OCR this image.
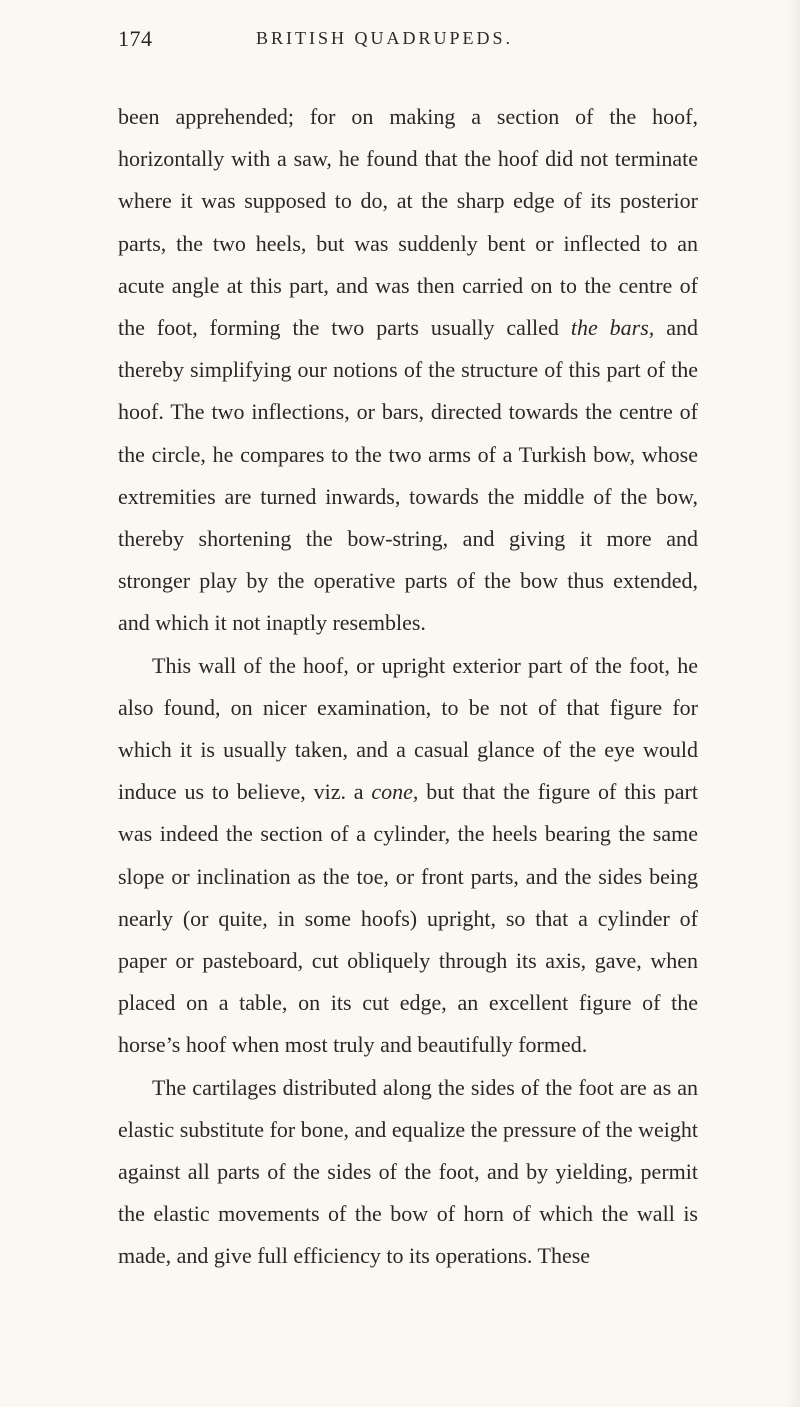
174	BRITISH QUADRUPEDS.

been apprehended; for on making a section of the hoof, horizontally with a saw, he found that the hoof did not terminate where it was supposed to do, at the sharp edge of its posterior parts, the two heels, but was suddenly bent or inflected to an acute angle at this part, and was then carried on to the centre of the foot, forming the two parts usually called the bars, and thereby simplifying our notions of the structure of this part of the hoof. The two inflections, or bars, directed towards the centre of the circle, he compares to the two arms of a Turkish bow, whose extremities are turned inwards, towards the middle of the bow, thereby shortening the bow-string, and giving it more and stronger play by the operative parts of the bow thus extended, and which it not inaptly resembles.

This wall of the hoof, or upright exterior part of the foot, he also found, on nicer examination, to be not of that figure for which it is usually taken, and a casual glance of the eye would induce us to believe, viz. a cone, but that the figure of this part was indeed the section of a cylinder, the heels bearing the same slope or inclination as the toe, or front parts, and the sides being nearly (or quite, in some hoofs) upright, so that a cylinder of paper or pasteboard, cut obliquely through its axis, gave, when placed on a table, on its cut edge, an excellent figure of the horse’s hoof when most truly and beautifully formed.

The cartilages distributed along the sides of the foot are as an elastic substitute for bone, and equalize the pressure of the weight against all parts of the sides of the foot, and by yielding, permit the elastic movements of the bow of horn of which the wall is made, and give full efficiency to its operations. These
